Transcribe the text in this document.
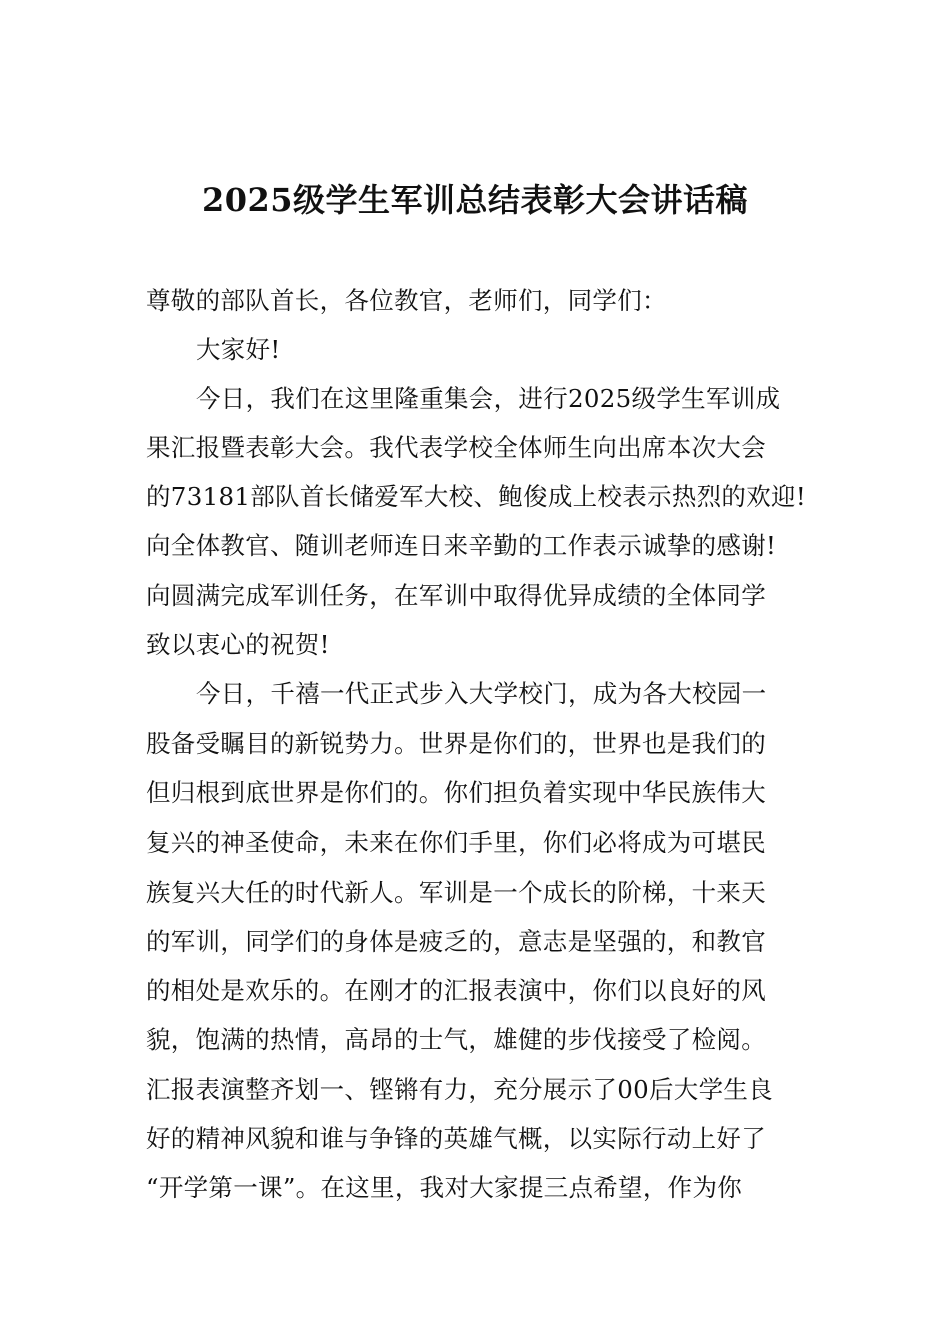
2025级学生军训总结表彰大会讲话稿
尊敬的部队首长，各位教官，老师们，同学们：
大家好!
今日，我们在这里隆重集会，进行2025级学生军训成
果汇报暨表彰大会。我代表学校全体师生向出席本次大会
的73181部队首长储爱军大校、鲍俊成上校表示热烈的欢迎!
向全体教官、随训老师连日来辛勤的工作表示诚挚的感谢!
向圆满完成军训任务，在军训中取得优异成绩的全体同学
致以衷心的祝贺!
今日，千禧一代正式步入大学校门，成为各大校园一
股备受瞩目的新锐势力。世界是你们的，世界也是我们的
但归根到底世界是你们的。你们担负着实现中华民族伟大
复兴的神圣使命，未来在你们手里，你们必将成为可堪民
族复兴大任的时代新人。军训是一个成长的阶梯，十来天
的军训，同学们的身体是疲乏的，意志是坚强的，和教官
的相处是欢乐的。在刚才的汇报表演中，你们以良好的风
貌，饱满的热情，高昂的士气，雄健的步伐接受了检阅。
汇报表演整齐划一、铿锵有力，充分展示了00后大学生良
好的精神风貌和谁与争锋的英雄气概，以实际行动上好了
“开学第一课”。在这里，我对大家提三点希望，作为你
